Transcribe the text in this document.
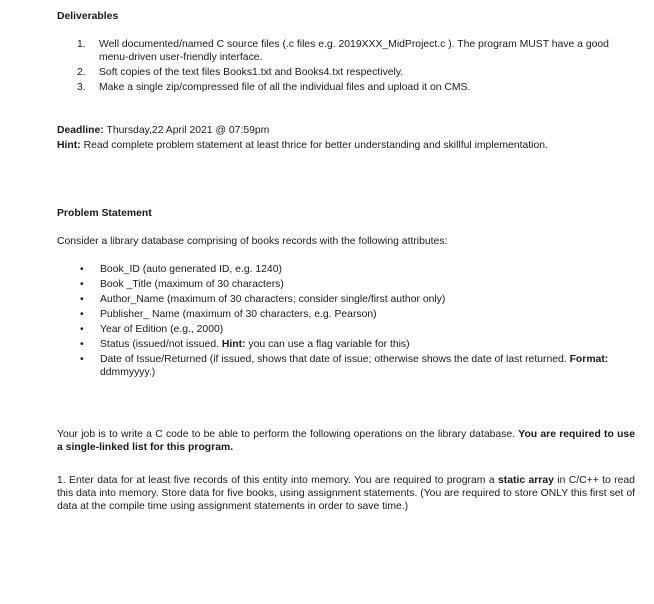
Deliverables
1.	Well documented/named C source files (.c files e.g. 2019XXX_MidProject.c ). The program MUST have a good menu-driven user-friendly interface.
2.	Soft copies of the text files Books1.txt and Books4.txt respectively.
3.	Make a single zip/compressed file of all the individual files and upload it on CMS.
Deadline: Thursday,22 April 2021 @ 07:59pm
Hint: Read complete problem statement at least thrice for better understanding and skillful implementation.
Problem Statement
Consider a library database comprising of books records with the following attributes:
• Book_ID (auto generated ID, e.g. 1240)
• Book _Title (maximum of 30 characters)
• Author_Name (maximum of 30 characters; consider single/first author only)
• Publisher_ Name (maximum of 30 characters, e.g. Pearson)
• Year of Edition (e.g., 2000)
• Status (issued/not issued. Hint: you can use a flag variable for this)
• Date of Issue/Returned (if issued, shows that date of issue; otherwise shows the date of last returned. Format: ddmmyyyy.)
Your job is to write a C code to be able to perform the following operations on the library database. You are required to use a single-linked list for this program.
1. Enter data for at least five records of this entity into memory. You are required to program a static array in C/C++ to read this data into memory. Store data for five books, using assignment statements. (You are required to store ONLY this first set of data at the compile time using assignment statements in order to save time.)
